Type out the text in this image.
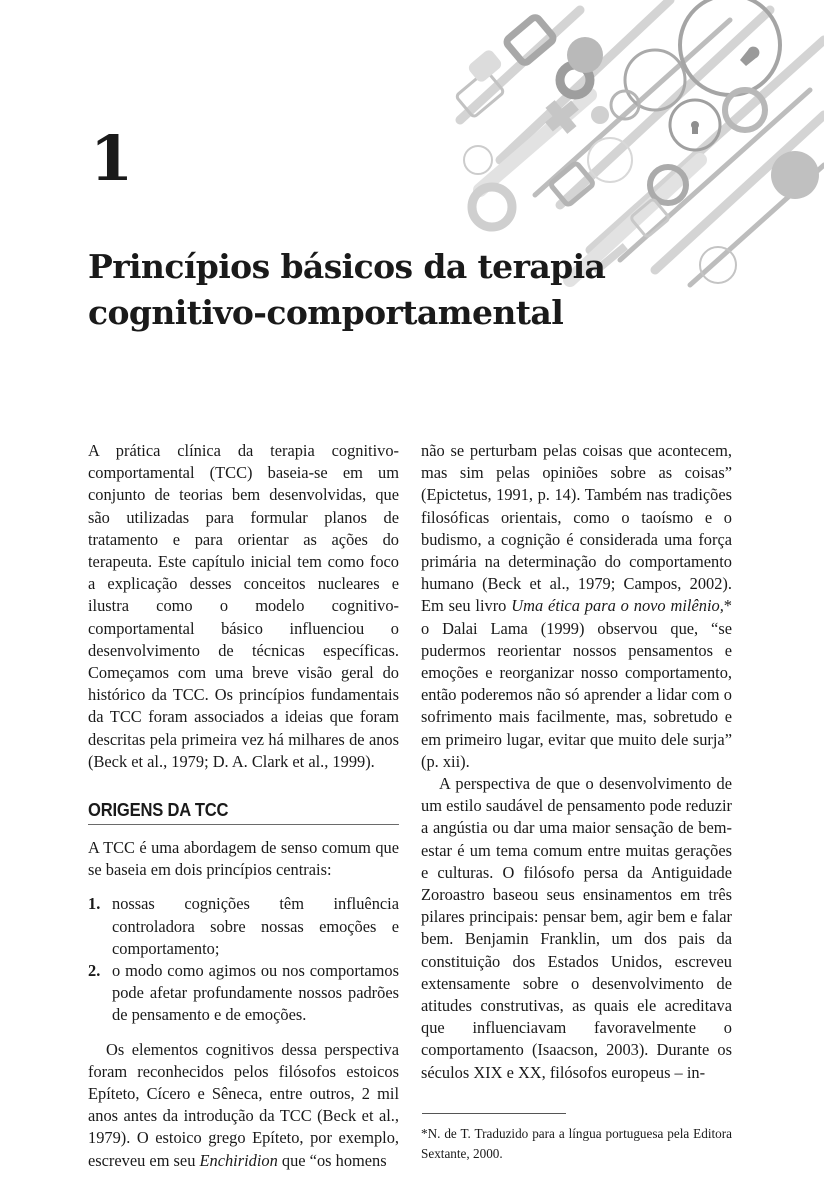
1
Princípios básicos da terapia
cognitivo-comportamental

A prática clínica da terapia cognitivo-comportamental (TCC) baseia-se em um conjunto de teorias bem desenvolvidas, que são utilizadas para formular planos de tratamento e para orientar as ações do terapeuta. Este capítulo inicial tem como foco a explicação desses conceitos nucleares e ilustra como o modelo cognitivo-comportamental básico influenciou o desenvolvimento de técnicas específicas. Começamos com uma breve visão geral do histórico da TCC. Os princípios fundamentais da TCC foram associados a ideias que foram descritas pela primeira vez há milhares de anos (Beck et al., 1979; D. A. Clark et al., 1999).

ORIGENS DA TCC

A TCC é uma abordagem de senso comum que se baseia em dois princípios centrais:

1. nossas cognições têm influência controladora sobre nossas emoções e comportamento;
2. o modo como agimos ou nos comportamos pode afetar profundamente nossos padrões de pensamento e de emoções.

Os elementos cognitivos dessa perspectiva foram reconhecidos pelos filósofos estoicos Epíteto, Cícero e Sêneca, entre outros, 2 mil anos antes da introdução da TCC (Beck et al., 1979). O estoico grego Epíteto, por exemplo, escreveu em seu Enchiridion que “os homens

não se perturbam pelas coisas que acontecem, mas sim pelas opiniões sobre as coisas” (Epictetus, 1991, p. 14). Também nas tradições filosóficas orientais, como o taoísmo e o budismo, a cognição é considerada uma força primária na determinação do comportamento humano (Beck et al., 1979; Campos, 2002). Em seu livro Uma ética para o novo milênio,* o Dalai Lama (1999) observou que, “se pudermos reorientar nossos pensamentos e emoções e reorganizar nosso comportamento, então poderemos não só aprender a lidar com o sofrimento mais facilmente, mas, sobretudo e em primeiro lugar, evitar que muito dele surja” (p. xii).

A perspectiva de que o desenvolvimento de um estilo saudável de pensamento pode reduzir a angústia ou dar uma maior sensação de bem-estar é um tema comum entre muitas gerações e culturas. O filósofo persa da Antiguidade Zoroastro baseou seus ensinamentos em três pilares principais: pensar bem, agir bem e falar bem. Benjamin Franklin, um dos pais da constituição dos Estados Unidos, escreveu extensamente sobre o desenvolvimento de atitudes construtivas, as quais ele acreditava que influenciavam favoravelmente o comportamento (Isaacson, 2003). Durante os séculos XIX e XX, filósofos europeus – in-

*N. de T. Traduzido para a língua portuguesa pela Editora Sextante, 2000.
